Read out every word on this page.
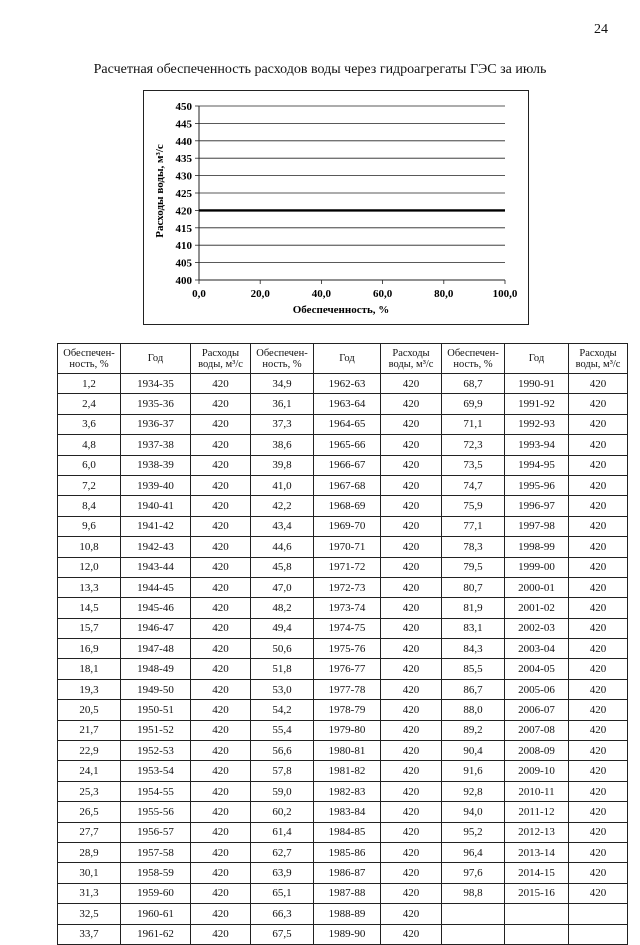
24
Расчетная обеспеченность расходов воды через гидроагрегаты ГЭС за июль
400
405
410
415
420
425
430
435
440
445
450
0,0	20,0	40,0	60,0	80,0	100,0
Обеспеченность, %
Расходы воды, м³/с
Обеспечен-ность, %	Год	Расходы воды, м³/с	Обеспечен-ность, %	Год	Расходы воды, м³/с	Обеспечен-ность, %	Год	Расходы воды, м³/с
1,2	1934-35	420	34,9	1962-63	420	68,7	1990-91	420
2,4	1935-36	420	36,1	1963-64	420	69,9	1991-92	420
3,6	1936-37	420	37,3	1964-65	420	71,1	1992-93	420
4,8	1937-38	420	38,6	1965-66	420	72,3	1993-94	420
6,0	1938-39	420	39,8	1966-67	420	73,5	1994-95	420
7,2	1939-40	420	41,0	1967-68	420	74,7	1995-96	420
8,4	1940-41	420	42,2	1968-69	420	75,9	1996-97	420
9,6	1941-42	420	43,4	1969-70	420	77,1	1997-98	420
10,8	1942-43	420	44,6	1970-71	420	78,3	1998-99	420
12,0	1943-44	420	45,8	1971-72	420	79,5	1999-00	420
13,3	1944-45	420	47,0	1972-73	420	80,7	2000-01	420
14,5	1945-46	420	48,2	1973-74	420	81,9	2001-02	420
15,7	1946-47	420	49,4	1974-75	420	83,1	2002-03	420
16,9	1947-48	420	50,6	1975-76	420	84,3	2003-04	420
18,1	1948-49	420	51,8	1976-77	420	85,5	2004-05	420
19,3	1949-50	420	53,0	1977-78	420	86,7	2005-06	420
20,5	1950-51	420	54,2	1978-79	420	88,0	2006-07	420
21,7	1951-52	420	55,4	1979-80	420	89,2	2007-08	420
22,9	1952-53	420	56,6	1980-81	420	90,4	2008-09	420
24,1	1953-54	420	57,8	1981-82	420	91,6	2009-10	420
25,3	1954-55	420	59,0	1982-83	420	92,8	2010-11	420
26,5	1955-56	420	60,2	1983-84	420	94,0	2011-12	420
27,7	1956-57	420	61,4	1984-85	420	95,2	2012-13	420
28,9	1957-58	420	62,7	1985-86	420	96,4	2013-14	420
30,1	1958-59	420	63,9	1986-87	420	97,6	2014-15	420
31,3	1959-60	420	65,1	1987-88	420	98,8	2015-16	420
32,5	1960-61	420	66,3	1988-89	420			
33,7	1961-62	420	67,5	1989-90	420			
